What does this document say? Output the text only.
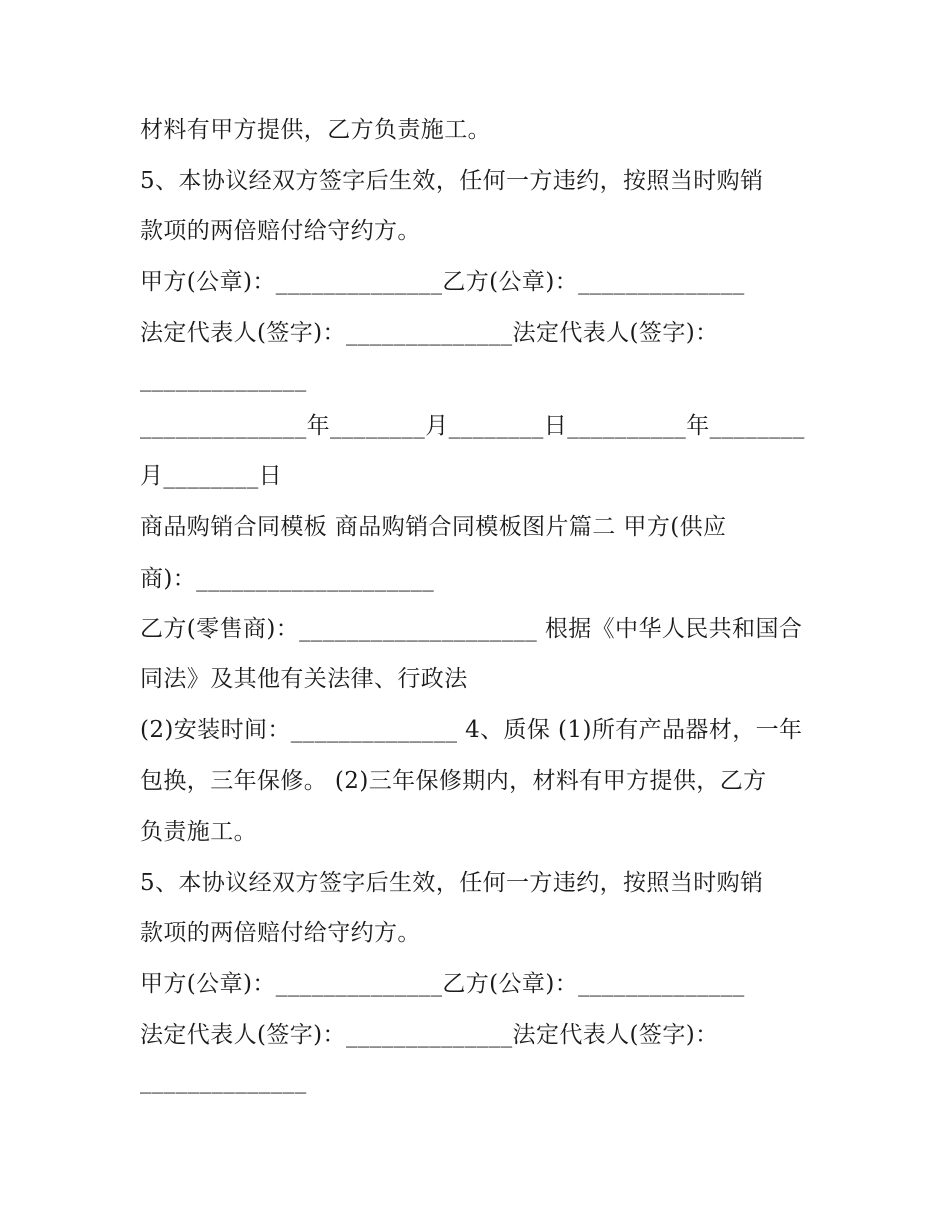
材料有甲方提供，乙方负责施工。
5、本协议经双方签字后生效，任何一方违约，按照当时购销
款项的两倍赔付给守约方。
甲方(公章)：______________乙方(公章)：______________
法定代表人(签字)：______________法定代表人(签字)：
______________
______________年________月________日__________年________
月________日
商品购销合同模板 商品购销合同模板图片篇二 甲方(供应
商)：____________________
乙方(零售商)：____________________ 根据《中华人民共和国合
同法》及其他有关法律、行政法
(2)安装时间：______________ 4、质保 (1)所有产品器材，一年
包换，三年保修。 (2)三年保修期内，材料有甲方提供，乙方
负责施工。
5、本协议经双方签字后生效，任何一方违约，按照当时购销
款项的两倍赔付给守约方。
甲方(公章)：______________乙方(公章)：______________
法定代表人(签字)：______________法定代表人(签字)：
______________
